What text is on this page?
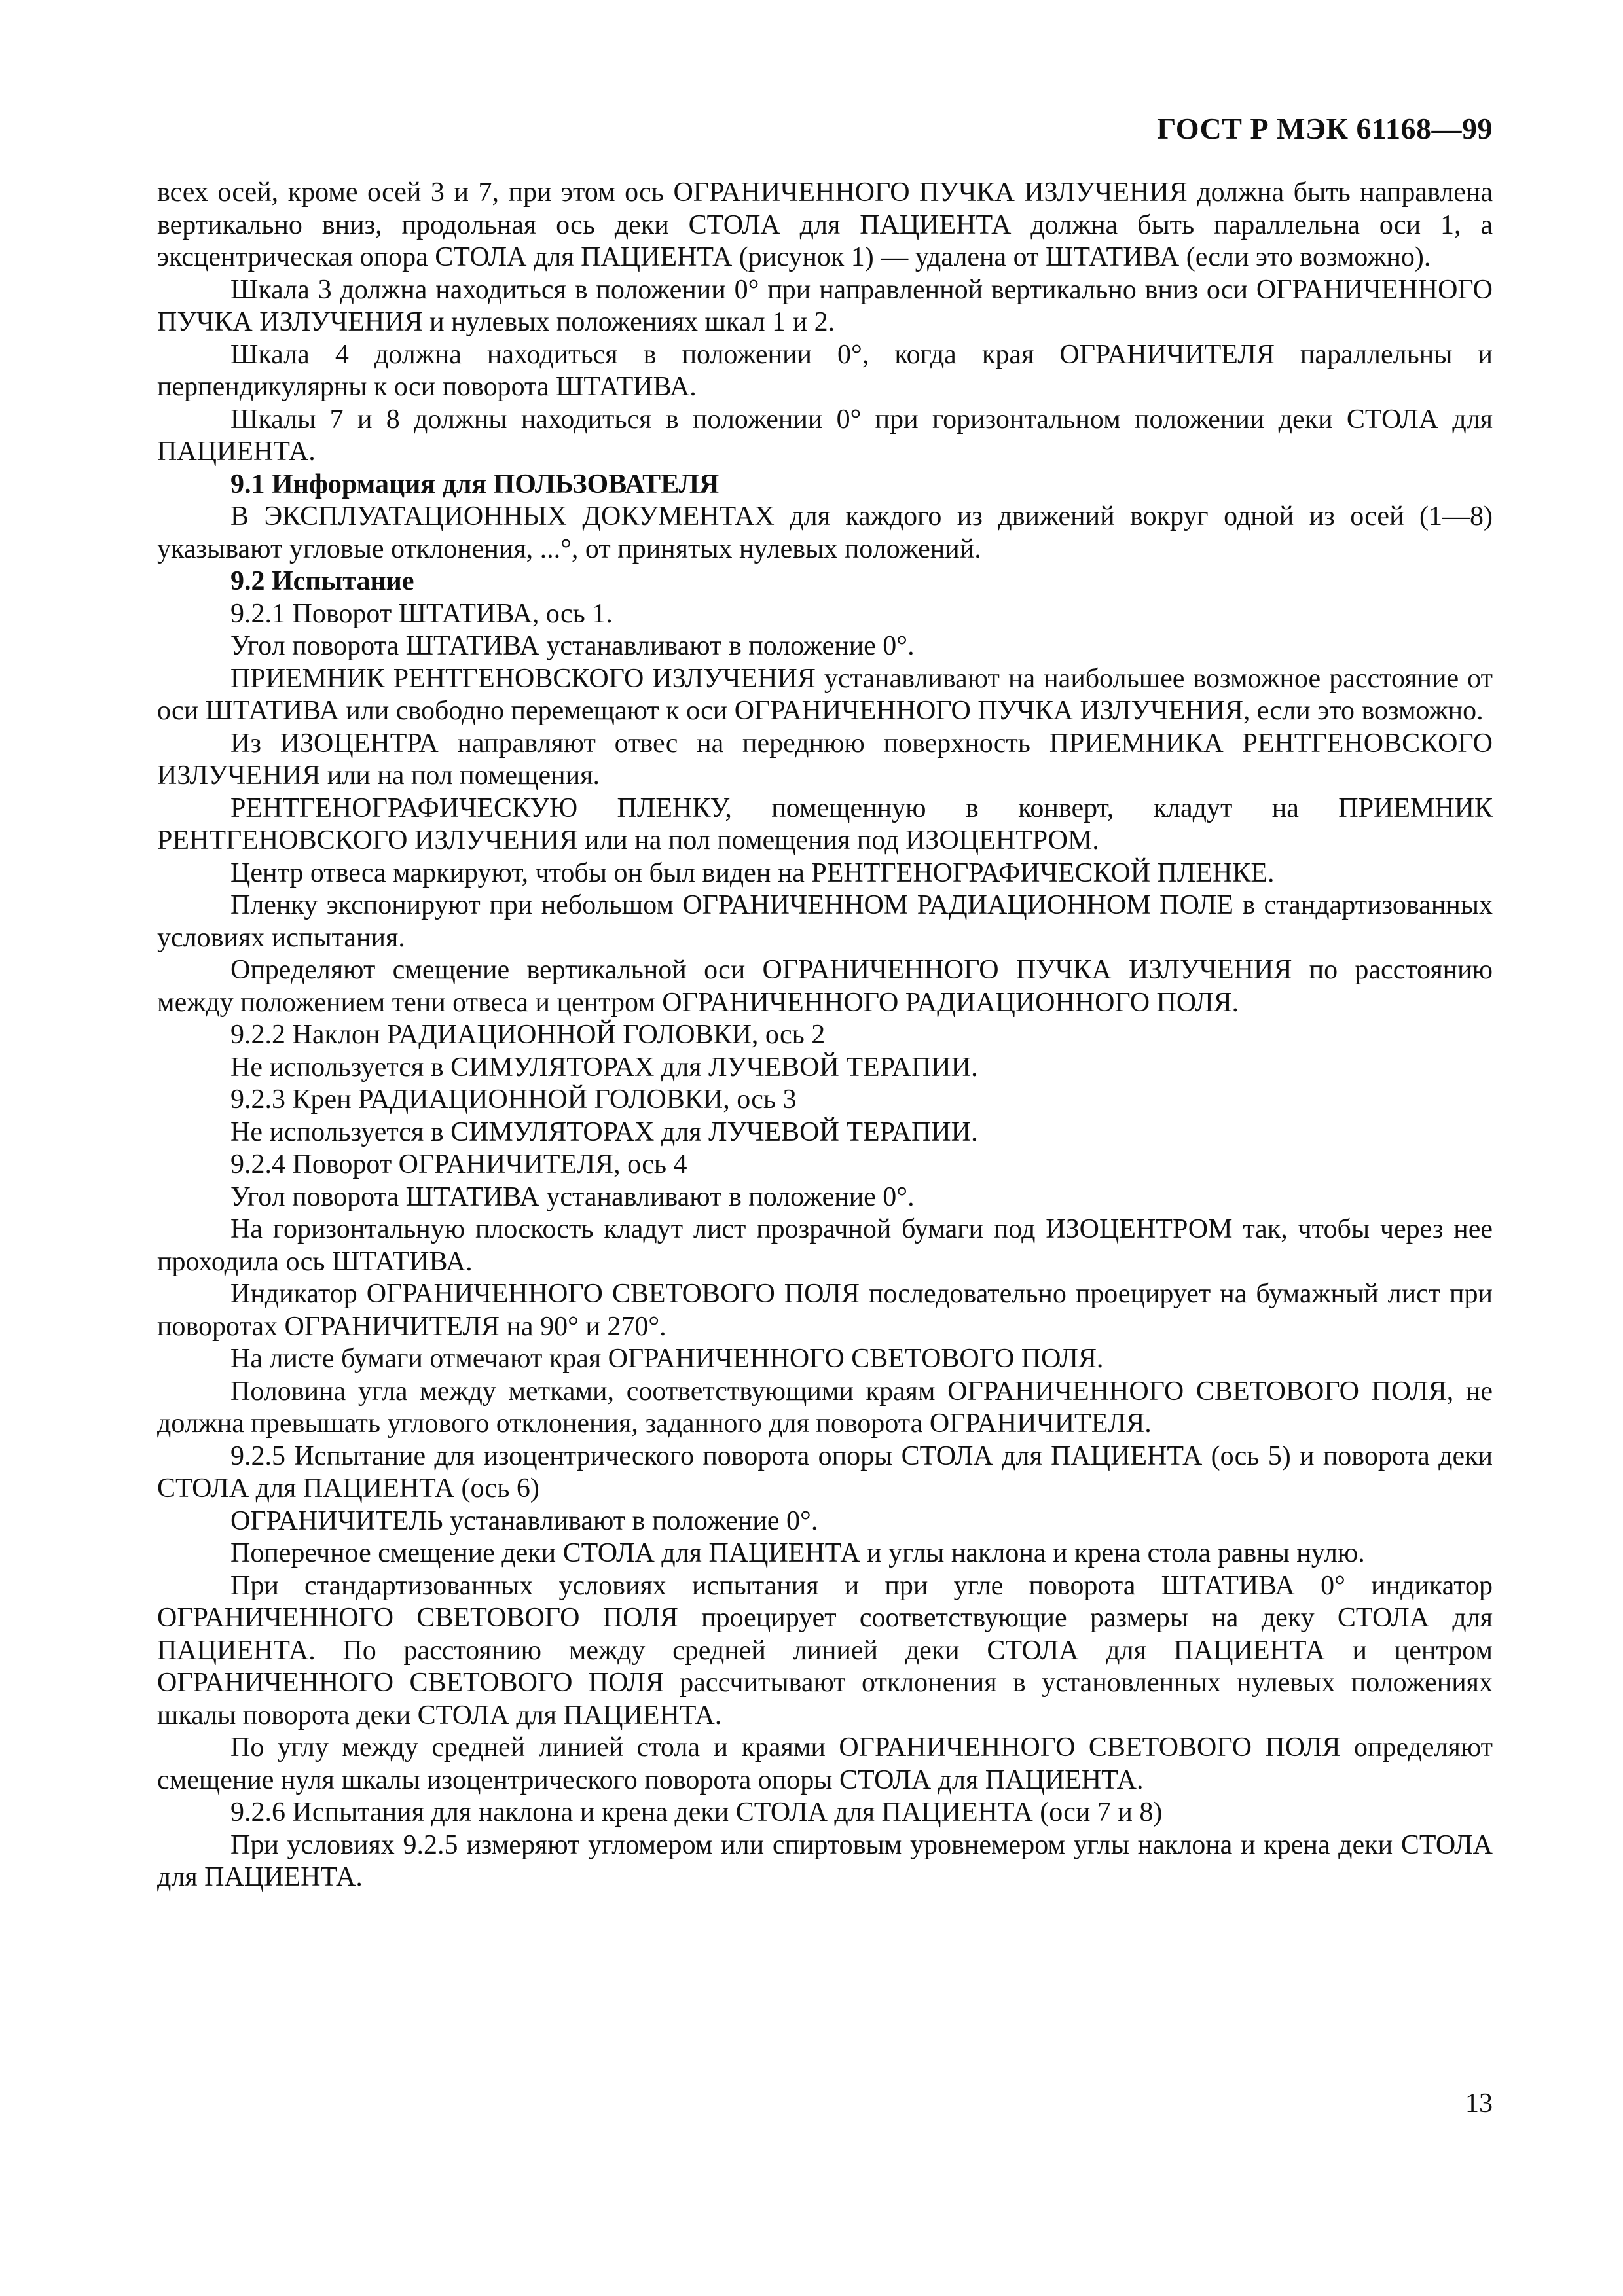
ГОСТ Р МЭК 61168—99

всех осей, кроме осей 3 и 7, при этом ось ОГРАНИЧЕННОГО ПУЧКА ИЗЛУЧЕНИЯ должна быть направлена вертикально вниз, продольная ось деки СТОЛА для ПАЦИЕНТА должна быть параллельна оси 1, а эксцентрическая опора СТОЛА для ПАЦИЕНТА (рисунок 1) — удалена от ШТАТИВА (если это возможно).

Шкала 3 должна находиться в положении 0° при направленной вертикально вниз оси ОГРАНИЧЕННОГО ПУЧКА ИЗЛУЧЕНИЯ и нулевых положениях шкал 1 и 2.

Шкала 4 должна находиться в положении 0°, когда края ОГРАНИЧИТЕЛЯ параллельны и перпендикулярны к оси поворота ШТАТИВА.

Шкалы 7 и 8 должны находиться в положении 0° при горизонтальном положении деки СТОЛА для ПАЦИЕНТА.

9.1 Информация для ПОЛЬЗОВАТЕЛЯ

В ЭКСПЛУАТАЦИОННЫХ ДОКУМЕНТАХ для каждого из движений вокруг одной из осей (1—8) указывают угловые отклонения, ...°, от принятых нулевых положений.

9.2 Испытание

9.2.1 Поворот ШТАТИВА, ось 1.

Угол поворота ШТАТИВА устанавливают в положение 0°.

ПРИЕМНИК РЕНТГЕНОВСКОГО ИЗЛУЧЕНИЯ устанавливают на наибольшее возможное расстояние от оси ШТАТИВА или свободно перемещают к оси ОГРАНИЧЕННОГО ПУЧКА ИЗЛУЧЕНИЯ, если это возможно.

Из ИЗОЦЕНТРА направляют отвес на переднюю поверхность ПРИЕМНИКА РЕНТГЕНОВСКОГО ИЗЛУЧЕНИЯ или на пол помещения.

РЕНТГЕНОГРАФИЧЕСКУЮ ПЛЕНКУ, помещенную в конверт, кладут на ПРИЕМНИК РЕНТГЕНОВСКОГО ИЗЛУЧЕНИЯ или на пол помещения под ИЗОЦЕНТРОМ.

Центр отвеса маркируют, чтобы он был виден на РЕНТГЕНОГРАФИЧЕСКОЙ ПЛЕНКЕ.

Пленку экспонируют при небольшом ОГРАНИЧЕННОМ РАДИАЦИОННОМ ПОЛЕ в стандартизованных условиях испытания.

Определяют смещение вертикальной оси ОГРАНИЧЕННОГО ПУЧКА ИЗЛУЧЕНИЯ по расстоянию между положением тени отвеса и центром ОГРАНИЧЕННОГО РАДИАЦИОННОГО ПОЛЯ.

9.2.2 Наклон РАДИАЦИОННОЙ ГОЛОВКИ, ось 2

Не используется в СИМУЛЯТОРАХ для ЛУЧЕВОЙ ТЕРАПИИ.

9.2.3 Крен РАДИАЦИОННОЙ ГОЛОВКИ, ось 3

Не используется в СИМУЛЯТОРАХ для ЛУЧЕВОЙ ТЕРАПИИ.

9.2.4 Поворот ОГРАНИЧИТЕЛЯ, ось 4

Угол поворота ШТАТИВА устанавливают в положение 0°.

На горизонтальную плоскость кладут лист прозрачной бумаги под ИЗОЦЕНТРОМ так, чтобы через нее проходила ось ШТАТИВА.

Индикатор ОГРАНИЧЕННОГО СВЕТОВОГО ПОЛЯ последовательно проецирует на бумажный лист при поворотах ОГРАНИЧИТЕЛЯ на 90° и 270°.

На листе бумаги отмечают края ОГРАНИЧЕННОГО СВЕТОВОГО ПОЛЯ.

Половина угла между метками, соответствующими краям ОГРАНИЧЕННОГО СВЕТОВОГО ПОЛЯ, не должна превышать углового отклонения, заданного для поворота ОГРАНИЧИТЕЛЯ.

9.2.5 Испытание для изоцентрического поворота опоры СТОЛА для ПАЦИЕНТА (ось 5) и поворота деки СТОЛА для ПАЦИЕНТА (ось 6)

ОГРАНИЧИТЕЛЬ устанавливают в положение 0°.

Поперечное смещение деки СТОЛА для ПАЦИЕНТА и углы наклона и крена стола равны нулю.

При стандартизованных условиях испытания и при угле поворота ШТАТИВА 0° индикатор ОГРАНИЧЕННОГО СВЕТОВОГО ПОЛЯ проецирует соответствующие размеры на деку СТОЛА для ПАЦИЕНТА. По расстоянию между средней линией деки СТОЛА для ПАЦИЕНТА и центром ОГРАНИЧЕННОГО СВЕТОВОГО ПОЛЯ рассчитывают отклонения в установленных нулевых положениях шкалы поворота деки СТОЛА для ПАЦИЕНТА.

По углу между средней линией стола и краями ОГРАНИЧЕННОГО СВЕТОВОГО ПОЛЯ определяют смещение нуля шкалы изоцентрического поворота опоры СТОЛА для ПАЦИЕНТА.

9.2.6 Испытания для наклона и крена деки СТОЛА для ПАЦИЕНТА (оси 7 и 8)

При условиях 9.2.5 измеряют угломером или спиртовым уровнемером углы наклона и крена деки СТОЛА для ПАЦИЕНТА.

13
